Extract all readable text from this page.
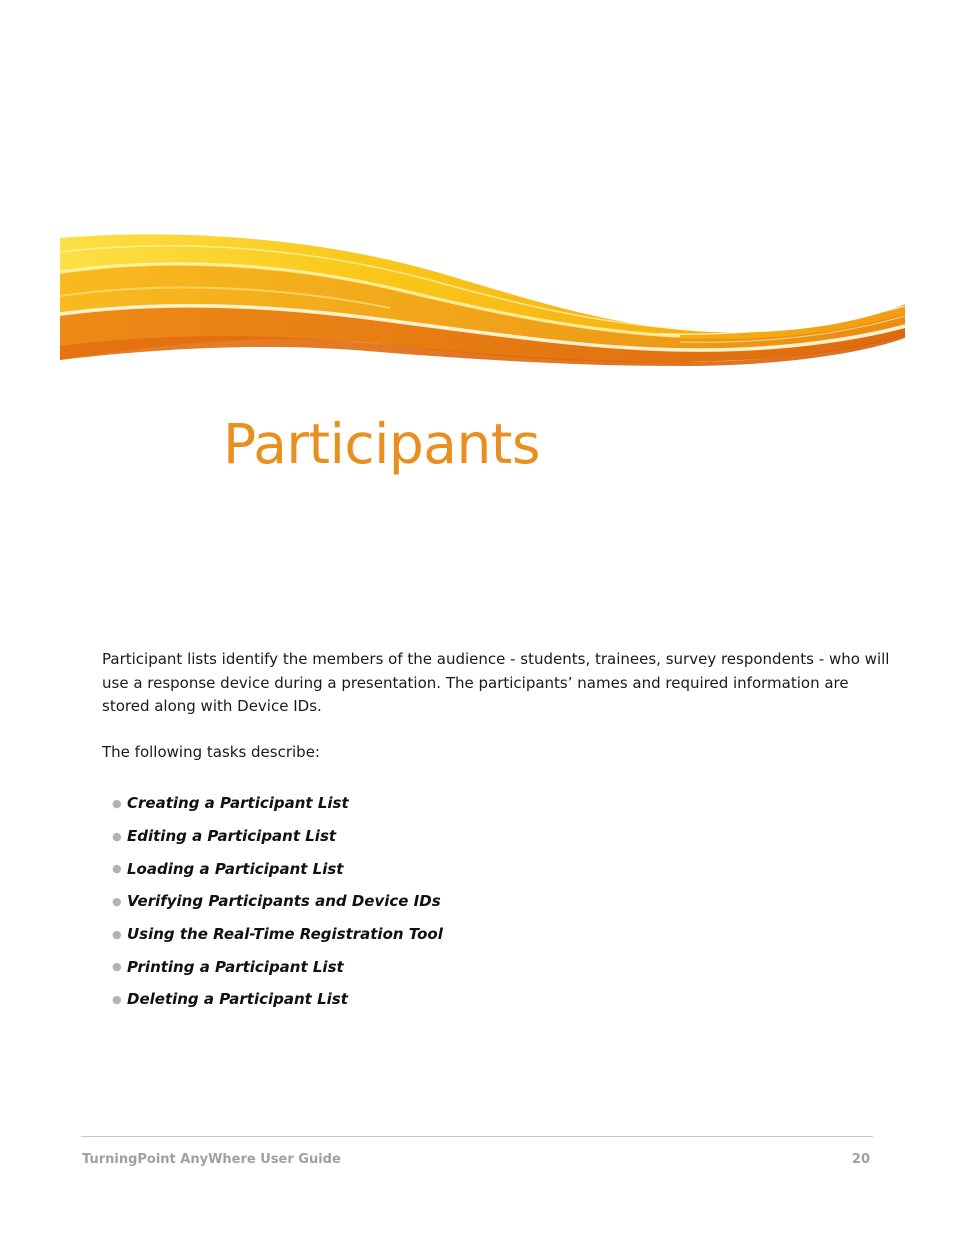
Participants

Participant lists identify the members of the audience - students, trainees, survey respondents - who will use a response device during a presentation. The participants’ names and required information are stored along with Device IDs.

The following tasks describe:

● Creating a Participant List
● Editing a Participant List
● Loading a Participant List
● Verifying Participants and Device IDs
● Using the Real-Time Registration Tool
● Printing a Participant List
● Deleting a Participant List
TurningPoint AnyWhere User Guide	20
